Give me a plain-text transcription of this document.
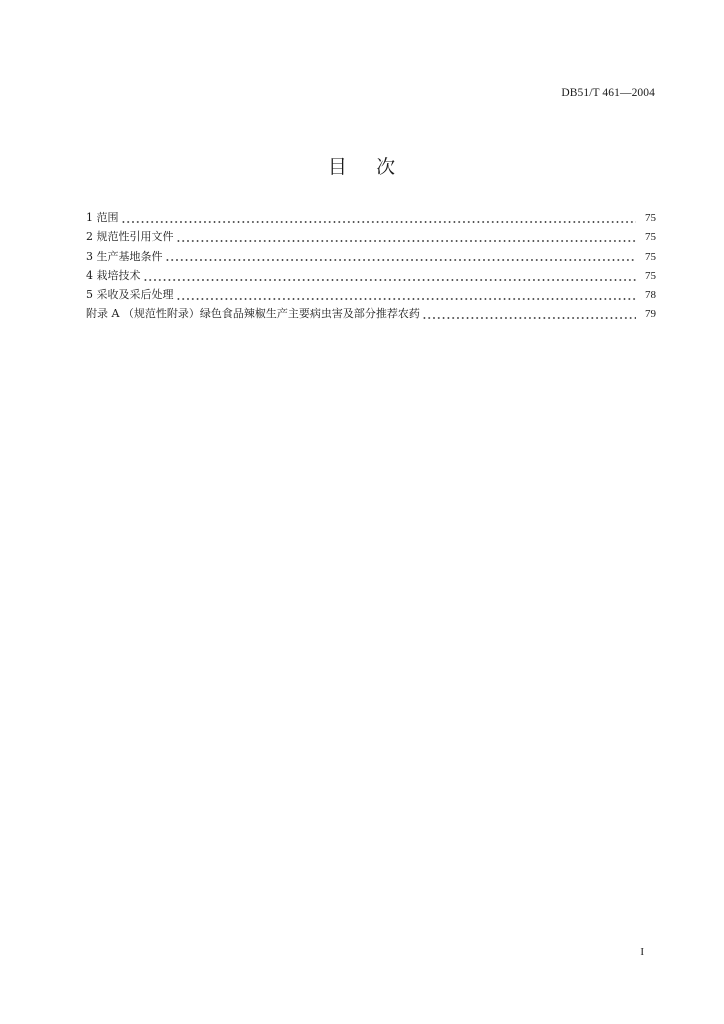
DB51/T 461—2004
目    次
1 范围	75
2 规范性引用文件	75
3 生产基地条件	75
4 栽培技术	75
5 采收及采后处理	78
附录 A （规范性附录）绿色食品辣椒生产主要病虫害及部分推荐农药	79
I
